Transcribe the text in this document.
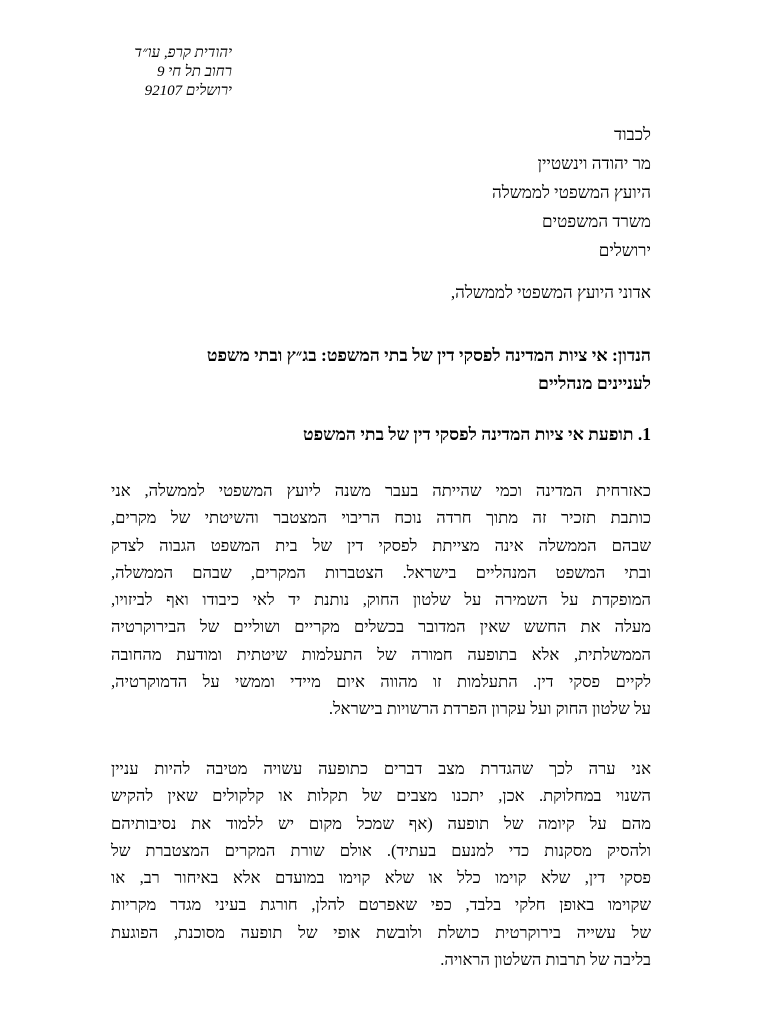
יהודית קרפ, עו״ד
רחוב תל חי 9
ירושלים 92107
לכבוד
מר יהודה וינשטיין
היועץ המשפטי לממשלה
משרד המשפטים
ירושלים
אדוני היועץ המשפטי לממשלה,
הנדון: אי ציות המדינה לפסקי דין של בתי המשפט: בג״ץ ובתי משפט
לעניינים מנהליים
1. תופעת אי ציות המדינה לפסקי דין של בתי המשפט
כאזרחית המדינה וכמי שהייתה בעבר משנה ליועץ המשפטי לממשלה, אני
כותבת תזכיר זה מתוך חרדה נוכח הריבוי המצטבר והשיטתי של מקרים,
שבהם הממשלה אינה מצייתת לפסקי דין של בית המשפט הגבוה לצדק
ובתי המשפט המנהליים בישראל. הצטברות המקרים, שבהם הממשלה,
המופקדת על השמירה על שלטון החוק, נותנת יד לאי כיבודו ואף לביזויו,
מעלה את החשש שאין המדובר בכשלים מקריים ושוליים של הבירוקרטיה
הממשלתית, אלא בתופעה חמורה של התעלמות שיטתית ומודעת מהחובה
לקיים פסקי דין. התעלמות זו מהווה איום מיידי וממשי על הדמוקרטיה,
על שלטון החוק ועל עקרון הפרדת הרשויות בישראל.
אני ערה לכך שהגדרת מצב דברים כתופעה עשויה מטיבה להיות עניין
השנוי במחלוקת. אכן, יתכנו מצבים של תקלות או קלקולים שאין להקיש
מהם על קיומה של תופעה (אף שמכל מקום יש ללמוד את נסיבותיהם
ולהסיק מסקנות כדי למנעם בעתיד). אולם שורת המקרים המצטברת של
פסקי דין, שלא קוימו כלל או שלא קוימו במועדם אלא באיחור רב, או
שקוימו באופן חלקי בלבד, כפי שאפרטם להלן, חורגת בעיני מגדר מקריות
של עשייה בירוקרטית כושלת ולובשת אופי של תופעה מסוכנת, הפוגעת
בליבה של תרבות השלטון הראויה.
